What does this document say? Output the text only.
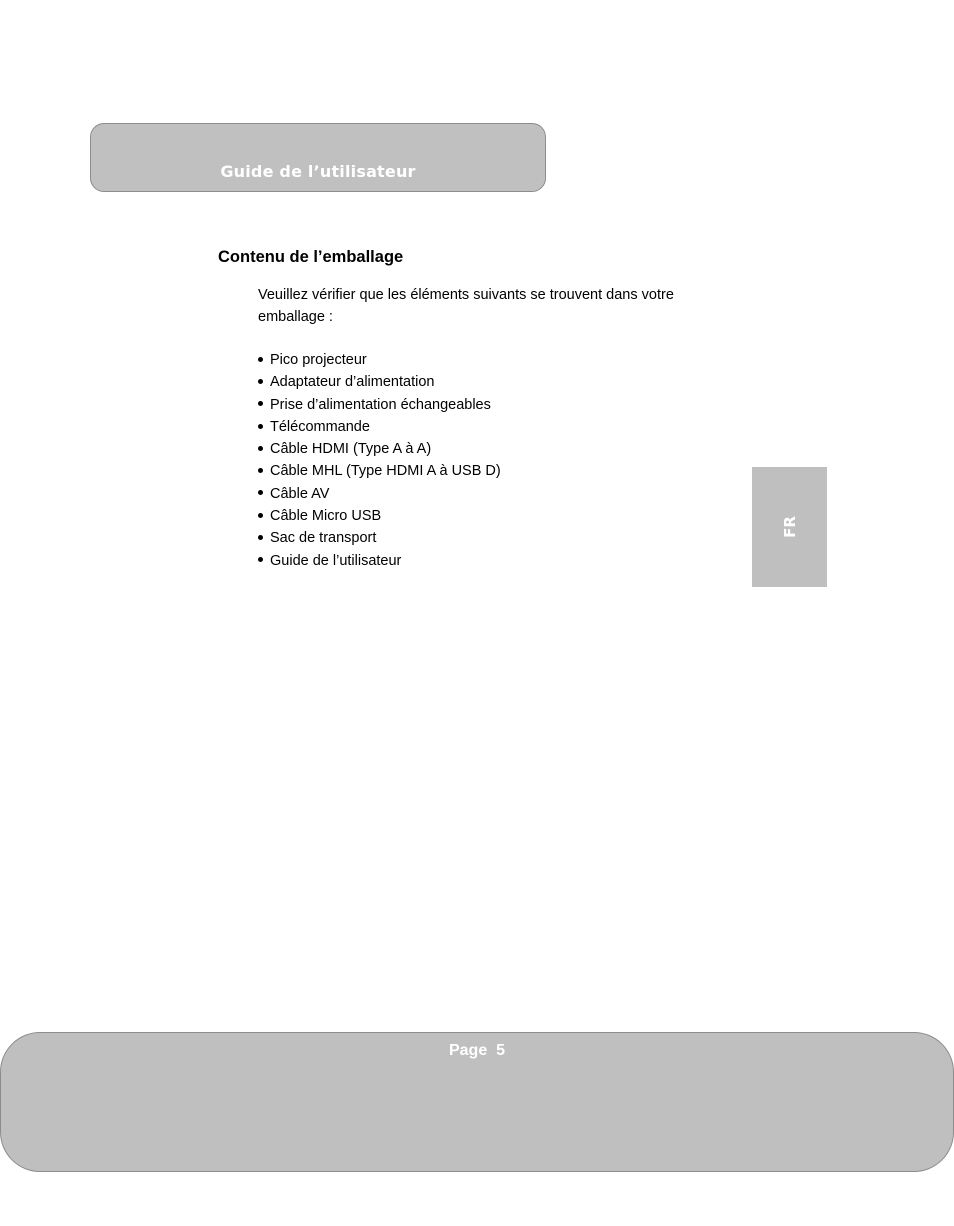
Guide de l’utilisateur
Contenu de l’emballage
Veuillez vérifier que les éléments suivants se trouvent dans votre emballage :
Pico projecteur
Adaptateur d’alimentation
Prise d’alimentation échangeables
Télécommande
Câble HDMI (Type A à A)
Câble MHL (Type HDMI A à USB D)
Câble AV
Câble Micro USB
Sac de transport
Guide de l’utilisateur
FR
Page  5
